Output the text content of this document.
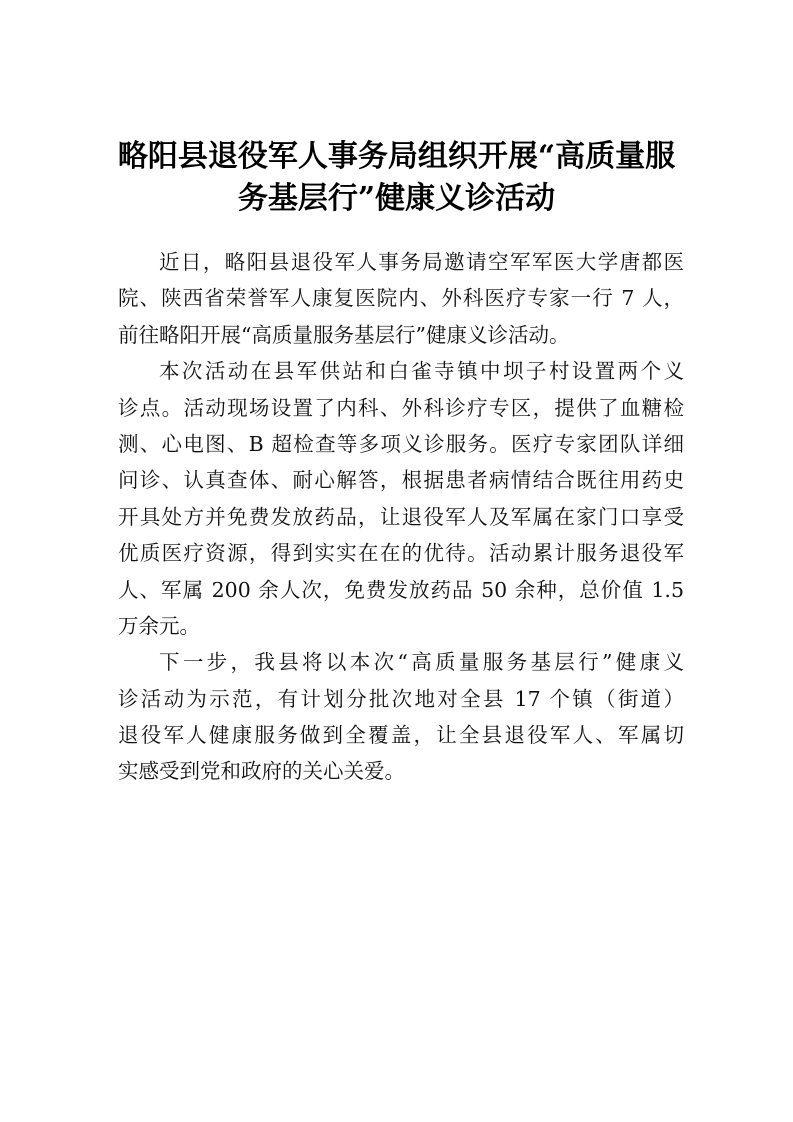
略阳县退役军人事务局组织开展“高质量服
务基层行”健康义诊活动
近日，略阳县退役军人事务局邀请空军军医大学唐都医
院、陕西省荣誉军人康复医院内、外科医疗专家一行 7 人，
前往略阳开展“高质量服务基层行”健康义诊活动。
本次活动在县军供站和白雀寺镇中坝子村设置两个义
诊点。活动现场设置了内科、外科诊疗专区，提供了血糖检
测、心电图、B 超检查等多项义诊服务。医疗专家团队详细
问诊、认真查体、耐心解答，根据患者病情结合既往用药史
开具处方并免费发放药品，让退役军人及军属在家门口享受
优质医疗资源，得到实实在在的优待。活动累计服务退役军
人、军属 200 余人次，免费发放药品 50 余种，总价值 1.5
万余元。
下一步，我县将以本次“高质量服务基层行”健康义
诊活动为示范，有计划分批次地对全县 17 个镇（街道）
退役军人健康服务做到全覆盖，让全县退役军人、军属切
实感受到党和政府的关心关爱。
